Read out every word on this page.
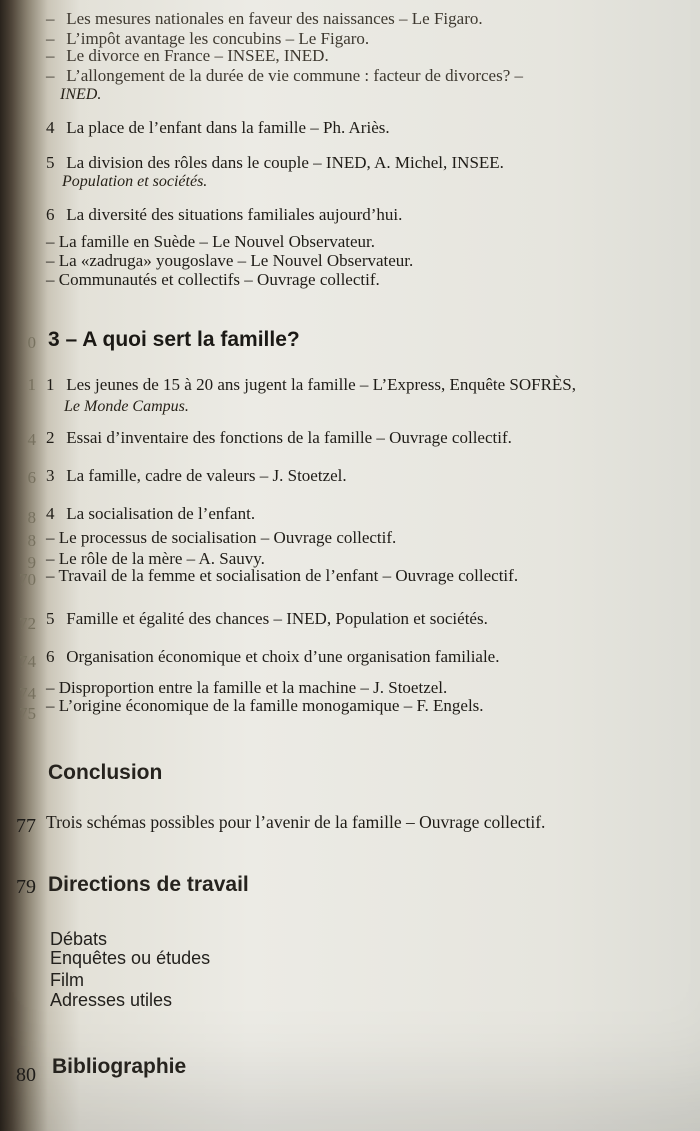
– Les mesures nationales en faveur des naissances – Le Figaro.
– L’impôt avantage les concubins – Le Figaro.
– Le divorce en France – INSEE, INED.
– L’allongement de la durée de vie commune : facteur de divorces? –
INED.
4 La place de l’enfant dans la famille – Ph. Ariès.
5 La division des rôles dans le couple – INED, A. Michel, INSEE.
Population et sociétés.
6 La diversité des situations familiales aujourd’hui.
– La famille en Suède – Le Nouvel Observateur.
– La «zadruga» yougoslave – Le Nouvel Observateur.
– Communautés et collectifs – Ouvrage collectif.
0 3 – A quoi sert la famille?
1 1 Les jeunes de 15 à 20 ans jugent la famille – L’Express, Enquête SOFRÈS,
Le Monde Campus.
4 2 Essai d’inventaire des fonctions de la famille – Ouvrage collectif.
6 3 La famille, cadre de valeurs – J. Stoetzel.
8 4 La socialisation de l’enfant.
8 – Le processus de socialisation – Ouvrage collectif.
9 – Le rôle de la mère – A. Sauvy.
70 – Travail de la femme et socialisation de l’enfant – Ouvrage collectif.
72 5 Famille et égalité des chances – INED, Population et sociétés.
74 6 Organisation économique et choix d’une organisation familiale.
74 – Disproportion entre la famille et la machine – J. Stoetzel.
75 – L’origine économique de la famille monogamique – F. Engels.
Conclusion
77 Trois schémas possibles pour l’avenir de la famille – Ouvrage collectif.
79 Directions de travail
Débats
Enquêtes ou études
Film
Adresses utiles
80 Bibliographie
